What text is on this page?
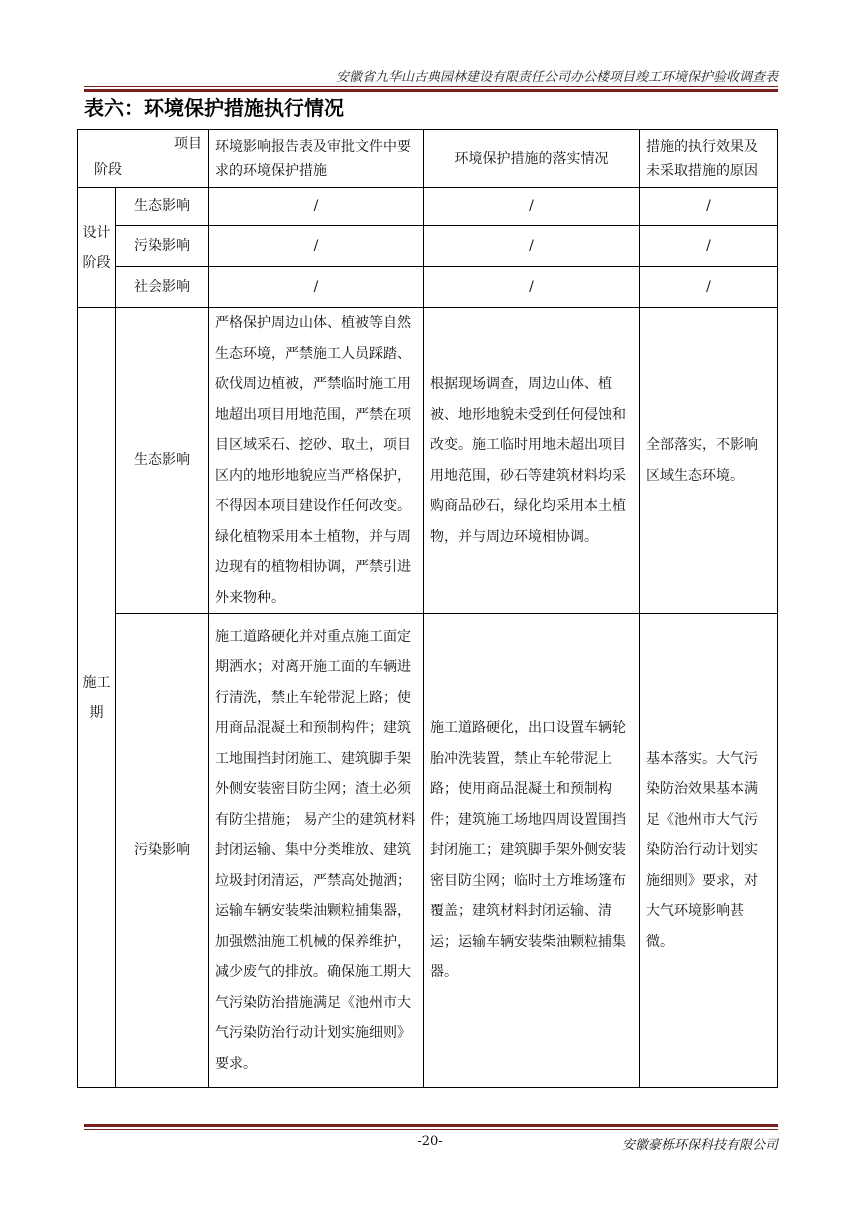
安徽省九华山古典园林建设有限责任公司办公楼项目竣工环境保护验收调查表
表六：环境保护措施执行情况
项目
阶段		环境影响报告表及审批文件中要求的环境保护措施	环境保护措施的落实情况	措施的执行效果及未采取措施的原因
设计阶段	生态影响	/	/	/
	污染影响	/	/	/
	社会影响	/	/	/
施工期	生态影响	严格保护周边山体、植被等自然生态环境，严禁施工人员踩踏、砍伐周边植被，严禁临时施工用地超出项目用地范围，严禁在项目区域采石、挖砂、取土，项目区内的地形地貌应当严格保护，不得因本项目建设作任何改变。绿化植物采用本土植物，并与周边现有的植物相协调，严禁引进外来物种。	根据现场调查，周边山体、植被、地形地貌未受到任何侵蚀和改变。施工临时用地未超出项目用地范围，砂石等建筑材料均采购商品砂石，绿化均采用本土植物，并与周边环境相协调。	全部落实，不影响区域生态环境。
	污染影响	施工道路硬化并对重点施工面定期洒水；对离开施工面的车辆进行清洗，禁止车轮带泥上路；使用商品混凝土和预制构件；建筑工地围挡封闭施工、建筑脚手架外侧安装密目防尘网；渣土必须有防尘措施； 易产尘的建筑材料封闭运输、集中分类堆放、建筑垃圾封闭清运，严禁高处抛洒；运输车辆安装柴油颗粒捕集器，加强燃油施工机械的保养维护，减少废气的排放。确保施工期大气污染防治措施满足《池州市大气污染防治行动计划实施细则》要求。	施工道路硬化，出口设置车辆轮胎冲洗装置，禁止车轮带泥上路；使用商品混凝土和预制构件；建筑施工场地四周设置围挡封闭施工；建筑脚手架外侧安装密目防尘网；临时土方堆场篷布覆盖；建筑材料封闭运输、清运；运输车辆安装柴油颗粒捕集器。	基本落实。大气污染防治效果基本满足《池州市大气污染防治行动计划实施细则》要求，对大气环境影响甚微。
-20-	安徽豪栎环保科技有限公司
